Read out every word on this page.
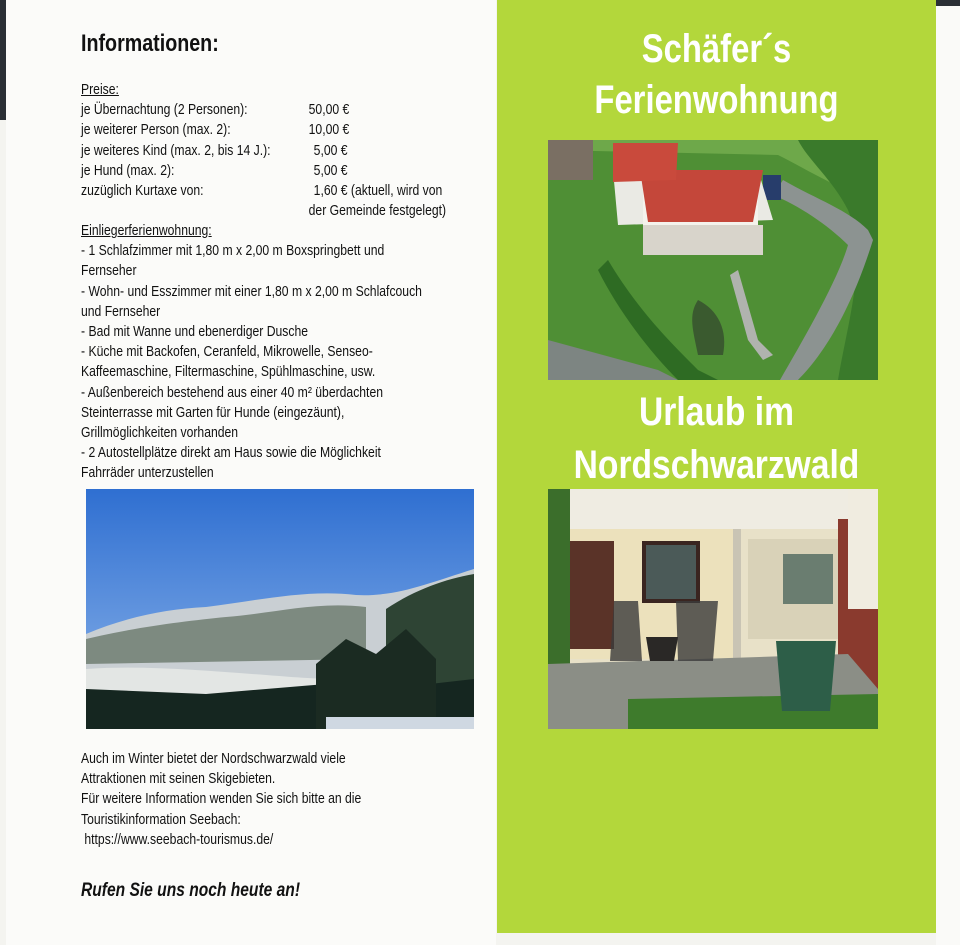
Informationen:
Preise:
je Übernachtung (2 Personen):	50,00 €
je weiterer Person (max. 2):	10,00 €
je weiteres Kind (max. 2, bis 14 J.):	5,00 €
je Hund (max. 2):	5,00 €
zuzüglich Kurtaxe von:	1,60 € (aktuell, wird von
der Gemeinde festgelegt)
Einliegerferienwohnung:
- 1 Schlafzimmer mit 1,80 m x 2,00 m Boxspringbett und
Fernseher
- Wohn- und Esszimmer mit einer 1,80 m x 2,00 m Schlafcouch
und Fernseher
- Bad mit Wanne und ebenerdiger Dusche
- Küche mit Backofen, Ceranfeld, Mikrowelle, Senseo-
Kaffeemaschine, Filtermaschine, Spühlmaschine, usw.
- Außenbereich bestehend aus einer 40 m² überdachten
Steinterrasse mit Garten für Hunde (eingezäunt),
Grillmöglichkeiten vorhanden
- 2 Autostellplätze direkt am Haus sowie die Möglichkeit
Fahrräder unterzustellen
Auch im Winter bietet der Nordschwarzwald viele
Attraktionen mit seinen Skigebieten.
Für weitere Information wenden Sie sich bitte an die
Touristikinformation Seebach:
https://www.seebach-tourismus.de/
Rufen Sie uns noch heute an!
Schäfer´s
Ferienwohnung
Urlaub im
Nordschwarzwald
